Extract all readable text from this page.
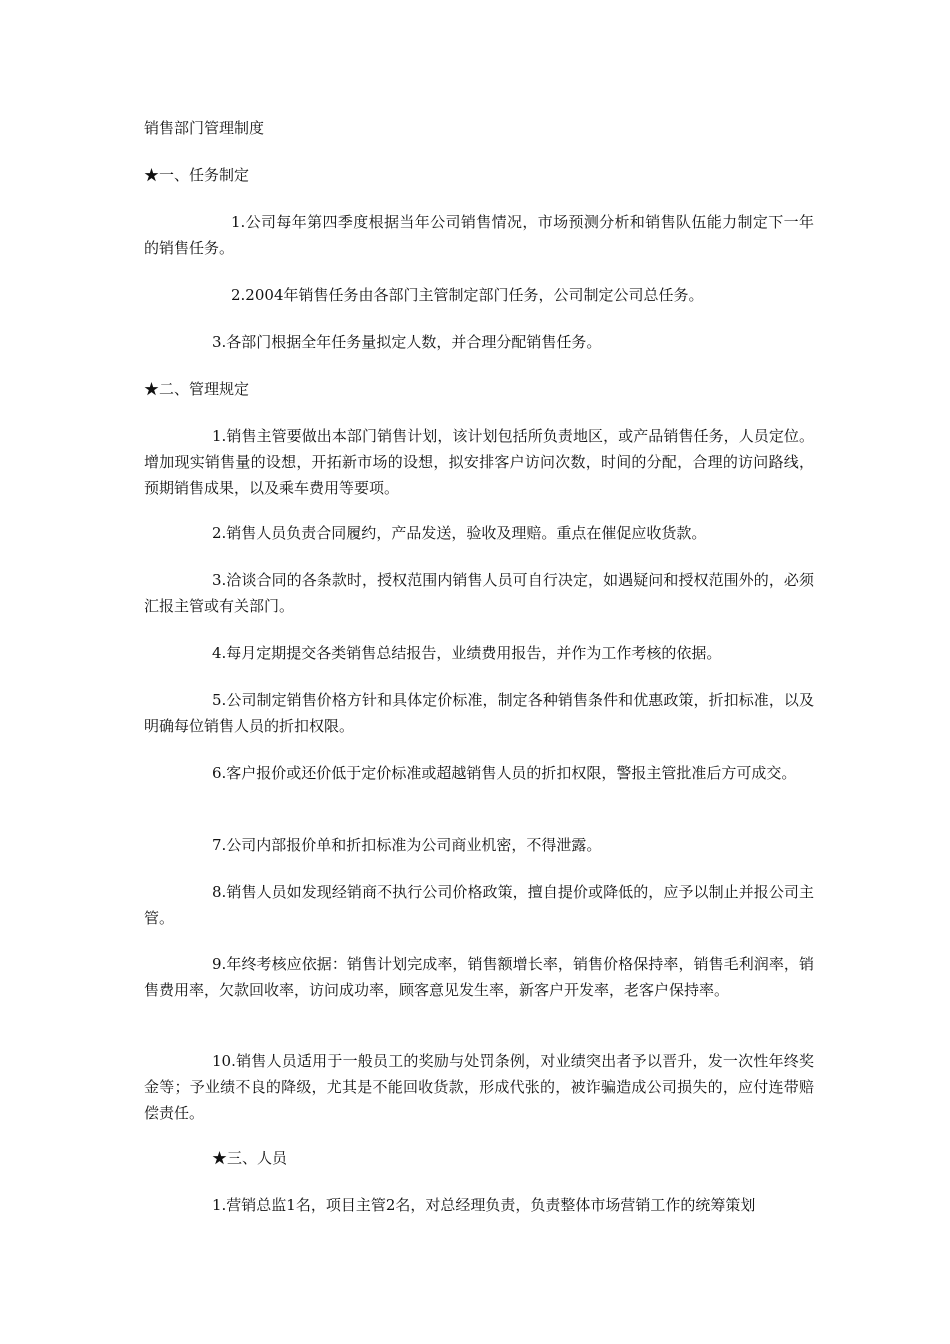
销售部门管理制度

★一、任务制定

1.公司每年第四季度根据当年公司销售情况，市场预测分析和销售队伍能力制定下一年的销售任务。

2.2004年销售任务由各部门主管制定部门任务，公司制定公司总任务。

3.各部门根据全年任务量拟定人数，并合理分配销售任务。

★二、管理规定

1.销售主管要做出本部门销售计划，该计划包括所负责地区，或产品销售任务，人员定位。增加现实销售量的设想，开拓新市场的设想，拟安排客户访问次数，时间的分配，合理的访问路线，预期销售成果，以及乘车费用等要项。

2.销售人员负责合同履约，产品发送，验收及理赔。重点在催促应收货款。

3.洽谈合同的各条款时，授权范围内销售人员可自行决定，如遇疑问和授权范围外的，必须汇报主管或有关部门。

4.每月定期提交各类销售总结报告，业绩费用报告，并作为工作考核的依据。

5.公司制定销售价格方针和具体定价标准，制定各种销售条件和优惠政策，折扣标准，以及明确每位销售人员的折扣权限。

6.客户报价或还价低于定价标准或超越销售人员的折扣权限，警报主管批准后方可成交。

7.公司内部报价单和折扣标准为公司商业机密，不得泄露。

8.销售人员如发现经销商不执行公司价格政策，擅自提价或降低的，应予以制止并报公司主管。

9.年终考核应依据：销售计划完成率，销售额增长率，销售价格保持率，销售毛利润率，销售费用率，欠款回收率，访问成功率，顾客意见发生率，新客户开发率，老客户保持率。

10.销售人员适用于一般员工的奖励与处罚条例，对业绩突出者予以晋升，发一次性年终奖金等；予业绩不良的降级，尤其是不能回收货款，形成代张的，被诈骗造成公司损失的，应付连带赔偿责任。

★三、人员

1.营销总监1名，项目主管2名，对总经理负责，负责整体市场营销工作的统筹策划
